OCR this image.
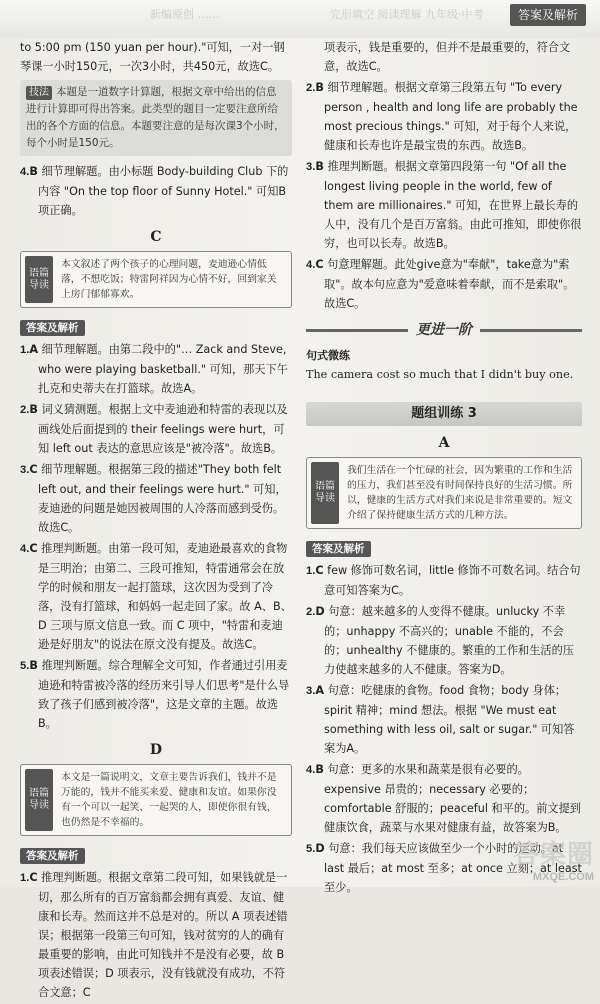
新编原创 ……	完形填空 阅读理解 九年级·中考	答案及解析

to 5:00 pm (150 yuan per hour)."可知，一对一钢琴课一小时150元，一次3小时，共450元，故选C。

技法 本题是一道数字计算题，根据文章中给出的信息进行计算即可得出答案。此类型的题目一定要注意所给出的各个方面的信息。本题要注意的是每次课3个小时，每个小时是150元。

4.B 细节理解题。由小标题 Body-building Club 下的内容 "On the top floor of Sunny Hotel." 可知B项正确。

C
语篇导读
本文叙述了两个孩子的心理问题，麦迪逊心情低落，不想吃饭；特雷阿祥因为心情不好，回到家关上房门郁郁寡欢。
答案及解析

1.A 细节理解题。由第二段中的"… Zack and Steve, who were playing basketball." 可知，那天下午扎克和史蒂夫在打篮球。故选A。

2.B 词义猜测题。根据上文中麦迪逊和特雷的表现以及画线处后面提到的 their feelings were hurt，可知 left out 表达的意思应该是"被冷落"。故选B。

3.C 细节理解题。根据第三段的描述"They both felt left out, and their feelings were hurt." 可知，麦迪逊的问题是她因被周围的人冷落而感到受伤。故选C。

4.C 推理判断题。由第一段可知，麦迪逊最喜欢的食物是三明治；由第二、三段可推知，特雷通常会在放学的时候和朋友一起打篮球，这次因为受到了冷落，没有打篮球，和妈妈一起走回了家。故 A、B、D 三项与原文信息一致。而 C 项中，"特雷和麦迪逊是好朋友"的说法在原文没有提及。故选C。

5.B 推理判断题。综合理解全文可知，作者通过引用麦迪逊和特雷被冷落的经历来引导人们思考"是什么导致了孩子们感到被冷落"，这是文章的主题。故选B。

D
语篇导读
本文是一篇说明文，文章主要告诉我们，钱并不是万能的，钱并不能买来爱、健康和友谊。如果你没有一个可以一起笑、一起哭的人，即使你很有钱，也仍然是不幸福的。
答案及解析

1.C 推理判断题。根据文章第二段可知，如果钱就是一切，那么所有的百万富翁都会拥有真爱、友谊、健康和长寿。然而这并不总是对的。所以 A 项表述错误；根据第一段第三句可知，钱对贫穷的人的确有最重要的影响，由此可知钱并不是没有必要，故 B 项表述错误；D 项表示，没有钱就没有成功，不符合文意；C

项表示，钱是重要的，但并不是最重要的，符合文意，故选C。

2.B 细节理解题。根据文章第三段第五句 "To every person , health and long life are probably the most precious things." 可知，对于每个人来说，健康和长寿也许是最宝贵的东西。故选B。

3.B 推理判断题。根据文章第四段第一句 "Of all the longest living people in the world, few of them are millionaires." 可知，在世界上最长寿的人中，没有几个是百万富翁。由此可推知，即使你很穷，也可以长寿。故选B。

4.C 句意理解题。此处give意为"奉献"，take意为"索取"。故本句应意为"爱意味着奉献，而不是索取"。故选C。

更进一阶
句式微练

The camera cost so much that I didn't buy one.

题组训练 3
A
语篇导读
我们生活在一个忙碌的社会，因为繁重的工作和生活的压力，我们甚至没有时间保持良好的生活习惯。所以，健康的生活方式对我们来说是非常重要的。短文介绍了保持健康生活方式的几种方法。
答案及解析

1.C few 修饰可数名词，little 修饰不可数名词。结合句意可知答案为C。

2.D 句意：越来越多的人变得不健康。unlucky 不幸的；unhappy 不高兴的；unable 不能的，不会的；unhealthy 不健康的。繁重的工作和生活的压力使越来越多的人不健康。答案为D。

3.A 句意：吃健康的食物。food 食物；body 身体；spirit 精神；mind 想法。根据 "We must eat something with less oil, salt or sugar." 可知答案为A。

4.B 句意：更多的水果和蔬菜是很有必要的。expensive 昂贵的；necessary 必要的；comfortable 舒服的；peaceful 和平的。前文提到健康饮食，蔬菜与水果对健康有益，故答案为B。

5.D 句意：我们每天应该做至少一个小时的运动。at last 最后；at most 至多；at once 立刻；at least 至少。

答案圈
MXQE.COM
